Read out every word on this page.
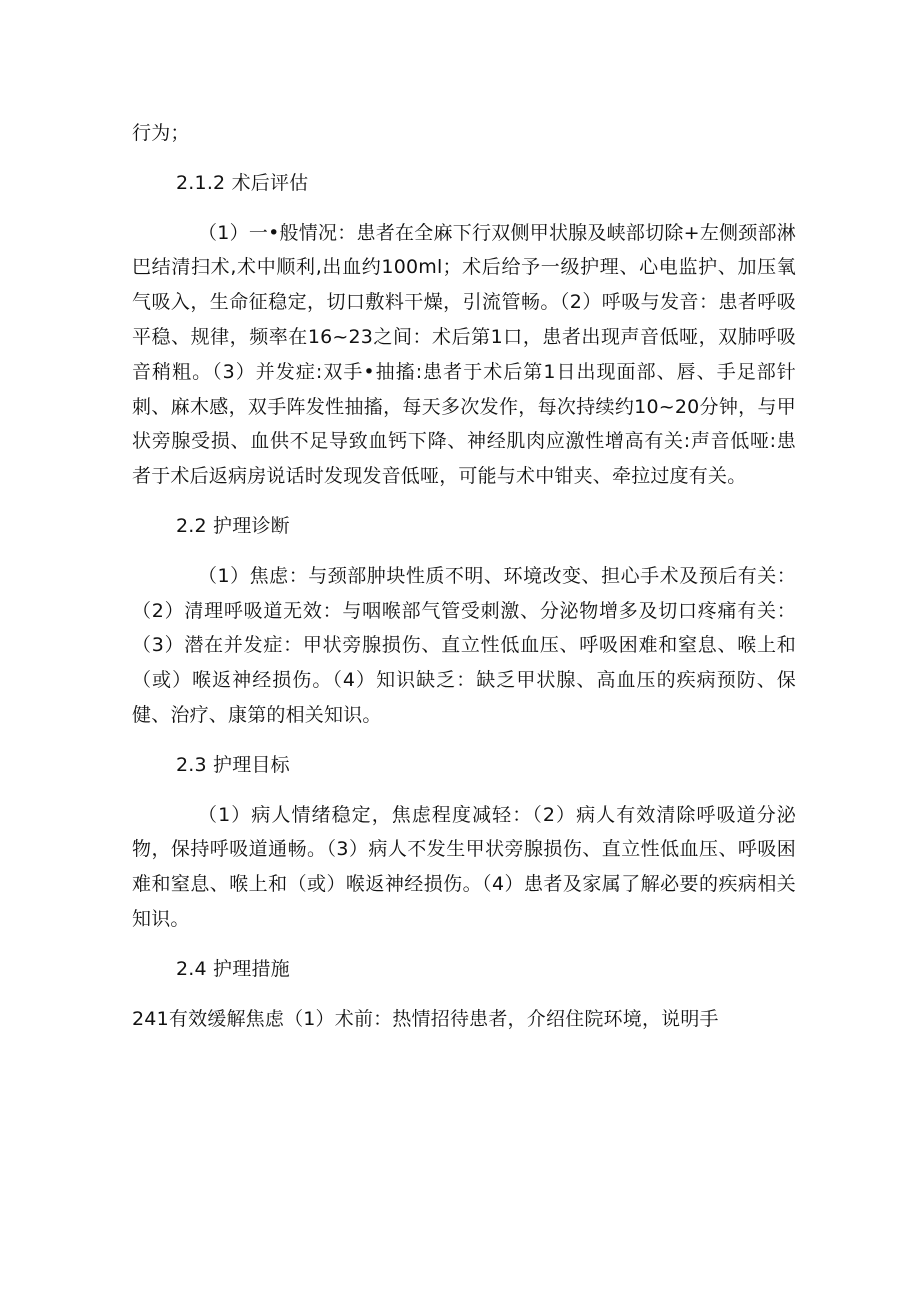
行为；

2.1.2 术后评估

（1）一•般情况：患者在全麻下行双侧甲状腺及峡部切除+左侧颈部淋巴结清扫术,术中顺利,出血约100ml；术后给予一级护理、心电监护、加压氧气吸入，生命征稳定，切口敷料干燥，引流管畅。（2）呼吸与发音：患者呼吸平稳、规律，频率在16~23之间：术后第1口，患者出现声音低哑，双肺呼吸音稍粗。（3）并发症:双手•抽搐:患者于术后第1日出现面部、唇、手足部针刺、麻木感，双手阵发性抽搐，每天多次发作，每次持续约10~20分钟，与甲状旁腺受损、血供不足导致血钙下降、神经肌肉应激性增高有关:声音低哑:患者于术后返病房说话时发现发音低哑，可能与术中钳夹、牵拉过度有关。

2.2 护理诊断

（1）焦虑：与颈部肿块性质不明、环境改变、担心手术及预后有关：（2）清理呼吸道无效：与咽喉部气管受刺激、分泌物增多及切口疼痛有关：（3）潜在并发症：甲状旁腺损伤、直立性低血压、呼吸困难和窒息、喉上和（或）喉返神经损伤。（4）知识缺乏：缺乏甲状腺、高血压的疾病预防、保健、治疗、康第的相关知识。

2.3 护理目标

（1）病人情绪稳定，焦虑程度减轻：（2）病人有效清除呼吸道分泌物，保持呼吸道通畅。（3）病人不发生甲状旁腺损伤、直立性低血压、呼吸困难和窒息、喉上和（或）喉返神经损伤。（4）患者及家属了解必要的疾病相关知识。

2.4 护理措施

241有效缓解焦虑（1）术前：热情招待患者，介绍住院环境，说明手
